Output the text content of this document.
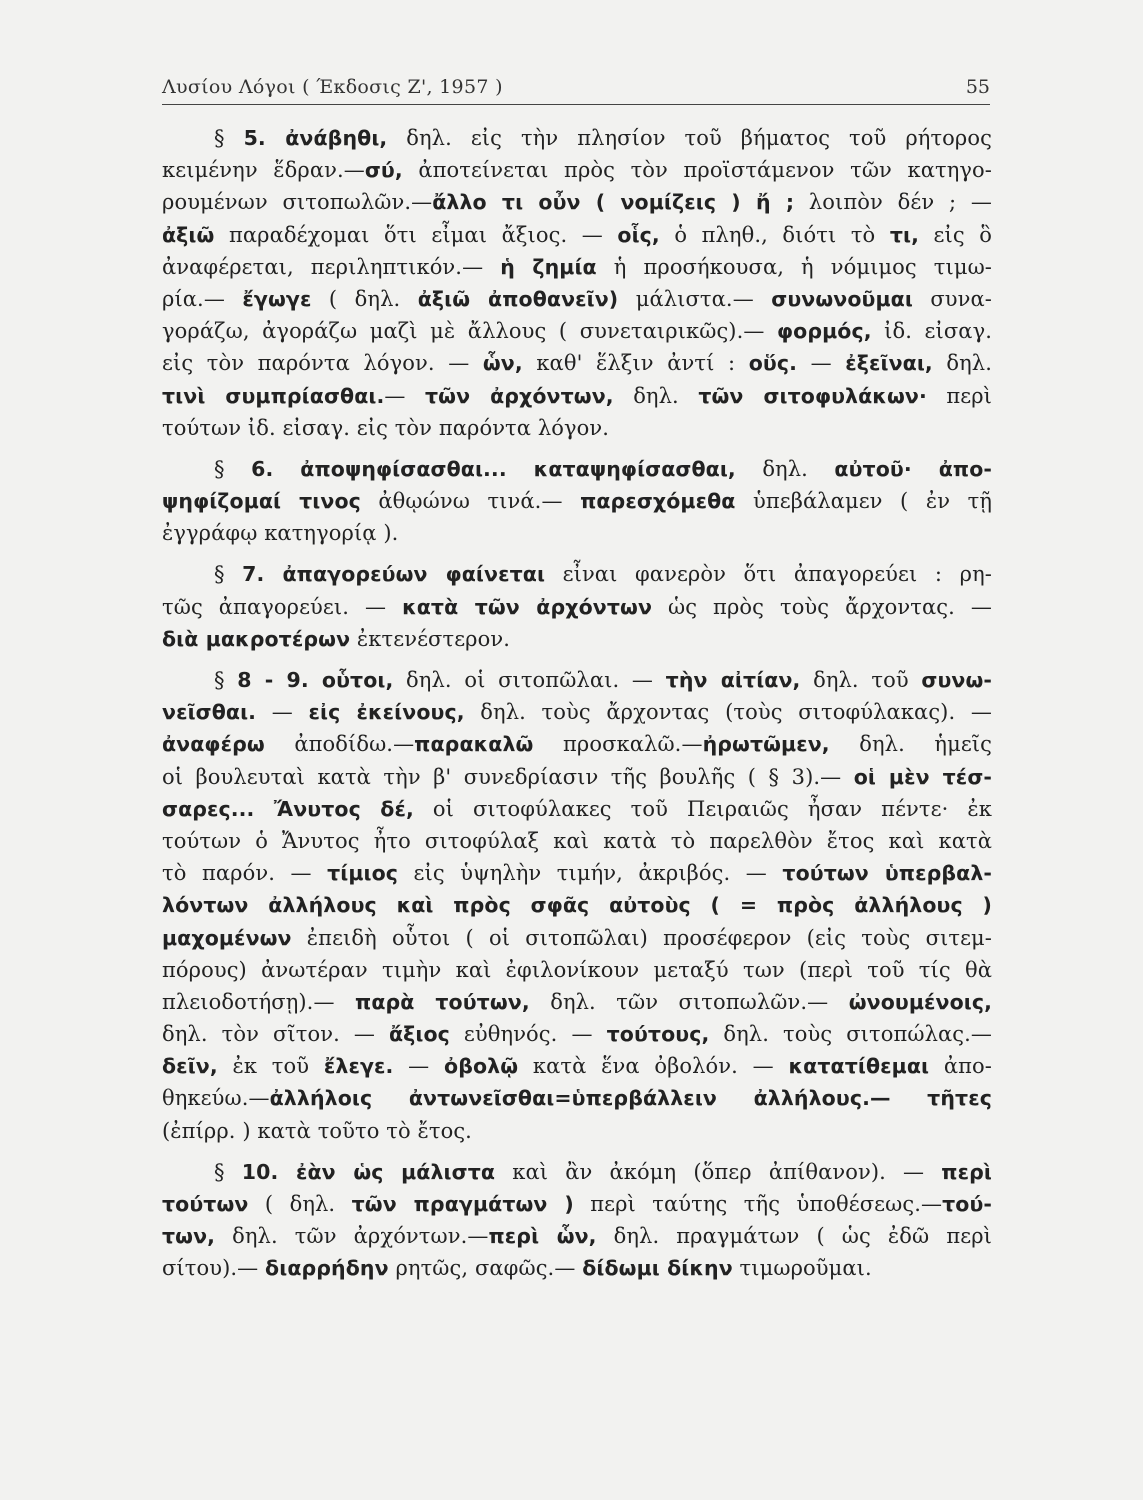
Λυσίου Λόγοι ( Έκδοσις Ζ', 1957 )	55
§ 5. ἀνάβηθι, δηλ. εἰς τὴν πλησίον τοῦ βήματος τοῦ ρήτορος
κειμένην ἕδραν.—σύ, ἀποτείνεται πρὸς τὸν προϊστάμενον τῶν κατηγο-
ρουμένων σιτοπωλῶν.—ἄλλο τι οὖν ( νομίζεις ) ἤ ; λοιπὸν δέν ; —
ἀξιῶ παραδέχομαι ὅτι εἶμαι ἄξιος. — οἷς, ὁ πληθ., διότι τὸ τι, εἰς ὃ
ἀναφέρεται, περιληπτικόν.— ἡ ζημία ἡ προσήκουσα, ἡ νόμιμος τιμω-
ρία.— ἔγωγε ( δηλ. ἀξιῶ ἀποθανεῖν) μάλιστα.— συνωνοῦμαι συνα-
γοράζω, ἀγοράζω μαζὶ μὲ ἄλλους ( συνεταιρικῶς).— φορμός, ἰδ. εἰσαγ.
εἰς τὸν παρόντα λόγον. — ὧν, καθ' ἕλξιν ἀντί : οὕς. — ἐξεῖναι, δηλ.
τινὶ συμπρίασθαι.— τῶν ἀρχόντων, δηλ. τῶν σιτοφυλάκων· περὶ
τούτων ἰδ. εἰσαγ. εἰς τὸν παρόντα λόγον.
§ 6. ἀποψηφίσασθαι... καταψηφίσασθαι, δηλ. αὐτοῦ· ἀπο-
ψηφίζομαί τινος ἀθῳώνω τινά.— παρεσχόμεθα ὑπεβάλαμεν ( ἐν τῇ
ἐγγράφῳ κατηγορίᾳ ).
§ 7. ἀπαγορεύων φαίνεται εἶναι φανερὸν ὅτι ἀπαγορεύει : ρη-
τῶς ἀπαγορεύει. — κατὰ τῶν ἀρχόντων ὡς πρὸς τοὺς ἄρχοντας. —
διὰ μακροτέρων ἐκτενέστερον.
§ 8 - 9. οὗτοι, δηλ. οἱ σιτοπῶλαι. — τὴν αἰτίαν, δηλ. τοῦ συνω-
νεῖσθαι. — εἰς ἐκείνους, δηλ. τοὺς ἄρχοντας (τοὺς σιτοφύλακας). —
ἀναφέρω ἀποδίδω.—παρακαλῶ προσκαλῶ.—ἠρωτῶμεν, δηλ. ἡμεῖς
οἱ βουλευταὶ κατὰ τὴν β' συνεδρίασιν τῆς βουλῆς ( § 3).— οἱ μὲν τέσ-
σαρες... Ἄνυτος δέ, οἱ σιτοφύλακες τοῦ Πειραιῶς ἦσαν πέντε· ἐκ
τούτων ὁ Ἄνυτος ἦτο σιτοφύλαξ καὶ κατὰ τὸ παρελθὸν ἔτος καὶ κατὰ
τὸ παρόν. — τίμιος εἰς ὑψηλὴν τιμήν, ἀκριβός. — τούτων ὑπερβαλ-
λόντων ἀλλήλους καὶ πρὸς σφᾶς αὐτοὺς ( = πρὸς ἀλλήλους )
μαχομένων ἐπειδὴ οὗτοι ( οἱ σιτοπῶλαι) προσέφερον (εἰς τοὺς σιτεμ-
πόρους) ἀνωτέραν τιμὴν καὶ ἐφιλονίκουν μεταξύ των (περὶ τοῦ τίς θὰ
πλειοδοτήσῃ).— παρὰ τούτων, δηλ. τῶν σιτοπωλῶν.— ὠνουμένοις,
δηλ. τὸν σῖτον. — ἄξιος εὐθηνός. — τούτους, δηλ. τοὺς σιτοπώλας.—
δεῖν, ἐκ τοῦ ἔλεγε. — ὀβολῷ κατὰ ἕνα ὀβολόν. — κατατίθεμαι ἀπο-
θηκεύω.—ἀλλήλοις ἀντωνεῖσθαι=ὑπερβάλλειν ἀλλήλους.— τῆτες
(ἐπίρρ. ) κατὰ τοῦτο τὸ ἔτος.
§ 10. ἐὰν ὡς μάλιστα καὶ ἂν ἀκόμη (ὅπερ ἀπίθανον). — περὶ
τούτων ( δηλ. τῶν πραγμάτων ) περὶ ταύτης τῆς ὑποθέσεως.—τού-
των, δηλ. τῶν ἀρχόντων.—περὶ ὧν, δηλ. πραγμάτων ( ὡς ἐδῶ περὶ
σίτου).— διαρρήδην ρητῶς, σαφῶς.— δίδωμι δίκην τιμωροῦμαι.
